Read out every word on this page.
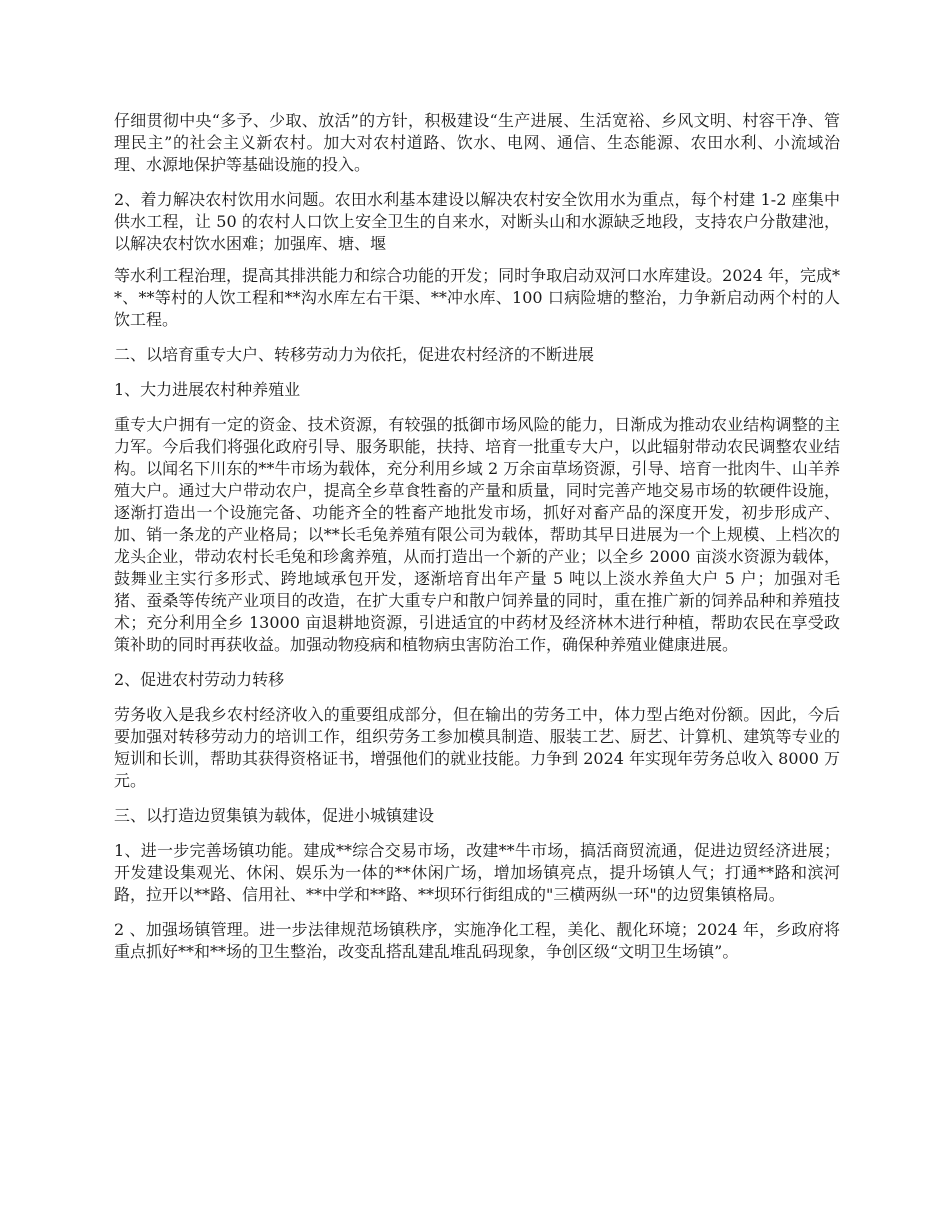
仔细贯彻中央“多予、少取、放活”的方针，积极建设“生产进展、生活宽裕、乡风文明、村容干净、管理民主”的社会主义新农村。加大对农村道路、饮水、电网、通信、生态能源、农田水利、小流域治理、水源地保护等基础设施的投入。

2、着力解决农村饮用水问题。农田水利基本建设以解决农村安全饮用水为重点，每个村建 1-2 座集中供水工程，让 50 的农村人口饮上安全卫生的自来水，对断头山和水源缺乏地段，支持农户分散建池，以解决农村饮水困难；加强库、塘、堰

等水利工程治理，提高其排洪能力和综合功能的开发；同时争取启动双河口水库建设。2024 年，完成**、**等村的人饮工程和**沟水库左右干渠、**冲水库、100 口病险塘的整治，力争新启动两个村的人饮工程。

二、以培育重专大户、转移劳动力为依托，促进农村经济的不断进展

1、大力进展农村种养殖业

重专大户拥有一定的资金、技术资源，有较强的抵御市场风险的能力，日渐成为推动农业结构调整的主力军。今后我们将强化政府引导、服务职能，扶持、培育一批重专大户，以此辐射带动农民调整农业结构。以闻名下川东的**牛市场为载体，充分利用乡域 2 万余亩草场资源，引导、培育一批肉牛、山羊养殖大户。通过大户带动农户，提高全乡草食牲畜的产量和质量，同时完善产地交易市场的软硬件设施，逐渐打造出一个设施完备、功能齐全的牲畜产地批发市场，抓好对畜产品的深度开发，初步形成产、加、销一条龙的产业格局；以**长毛兔养殖有限公司为载体，帮助其早日进展为一个上规模、上档次的龙头企业，带动农村长毛兔和珍禽养殖，从而打造出一个新的产业；以全乡 2000 亩淡水资源为载体，鼓舞业主实行多形式、跨地域承包开发，逐渐培育出年产量 5 吨以上淡水养鱼大户 5 户；加强对毛猪、蚕桑等传统产业项目的改造，在扩大重专户和散户饲养量的同时，重在推广新的饲养品种和养殖技术；充分利用全乡 13000 亩退耕地资源，引进适宜的中药材及经济林木进行种植，帮助农民在享受政策补助的同时再获收益。加强动物疫病和植物病虫害防治工作，确保种养殖业健康进展。

2、促进农村劳动力转移

劳务收入是我乡农村经济收入的重要组成部分，但在输出的劳务工中，体力型占绝对份额。因此，今后要加强对转移劳动力的培训工作，组织劳务工参加模具制造、服装工艺、厨艺、计算机、建筑等专业的短训和长训，帮助其获得资格证书，增强他们的就业技能。力争到 2024 年实现年劳务总收入 8000 万元。

三、以打造边贸集镇为载体，促进小城镇建设

1、进一步完善场镇功能。建成**综合交易市场，改建**牛市场，搞活商贸流通，促进边贸经济进展；开发建设集观光、休闲、娱乐为一体的**休闲广场，增加场镇亮点，提升场镇人气；打通**路和滨河路，拉开以**路、信用社、**中学和**路、**坝环行街组成的"三横两纵一环"的边贸集镇格局。

2 、加强场镇管理。进一步法律规范场镇秩序，实施净化工程，美化、靓化环境；2024 年，乡政府将重点抓好**和**场的卫生整治，改变乱搭乱建乱堆乱码现象，争创区级“文明卫生场镇”。
